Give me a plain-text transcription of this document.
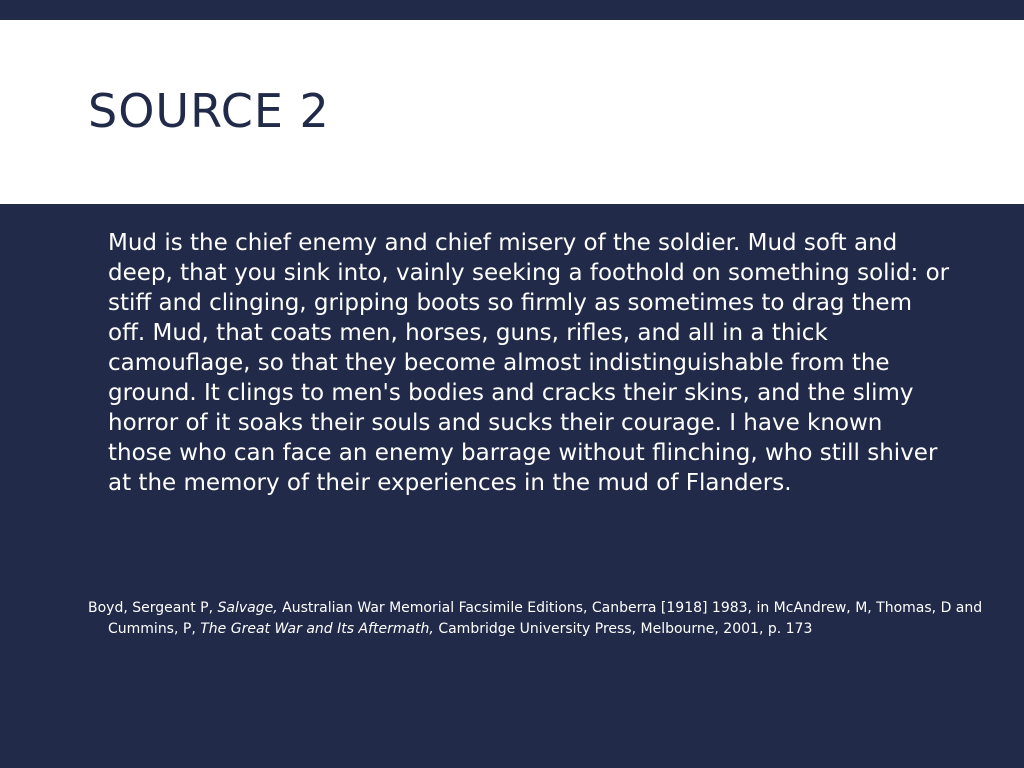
SOURCE 2

Mud is the chief enemy and chief misery of the soldier. Mud soft and deep, that you sink into, vainly seeking a foothold on something solid: or stiff and clinging, gripping boots so firmly as sometimes to drag them off. Mud, that coats men, horses, guns, rifles, and all in a thick camouflage, so that they become almost indistinguishable from the ground. It clings to men's bodies and cracks their skins, and the slimy horror of it soaks their souls and sucks their courage. I have known those who can face an enemy barrage without flinching, who still shiver at the memory of their experiences in the mud of Flanders.

Boyd, Sergeant P, Salvage, Australian War Memorial Facsimile Editions, Canberra [1918] 1983, in McAndrew, M, Thomas, D and Cummins, P, The Great War and Its Aftermath, Cambridge University Press, Melbourne, 2001, p. 173
